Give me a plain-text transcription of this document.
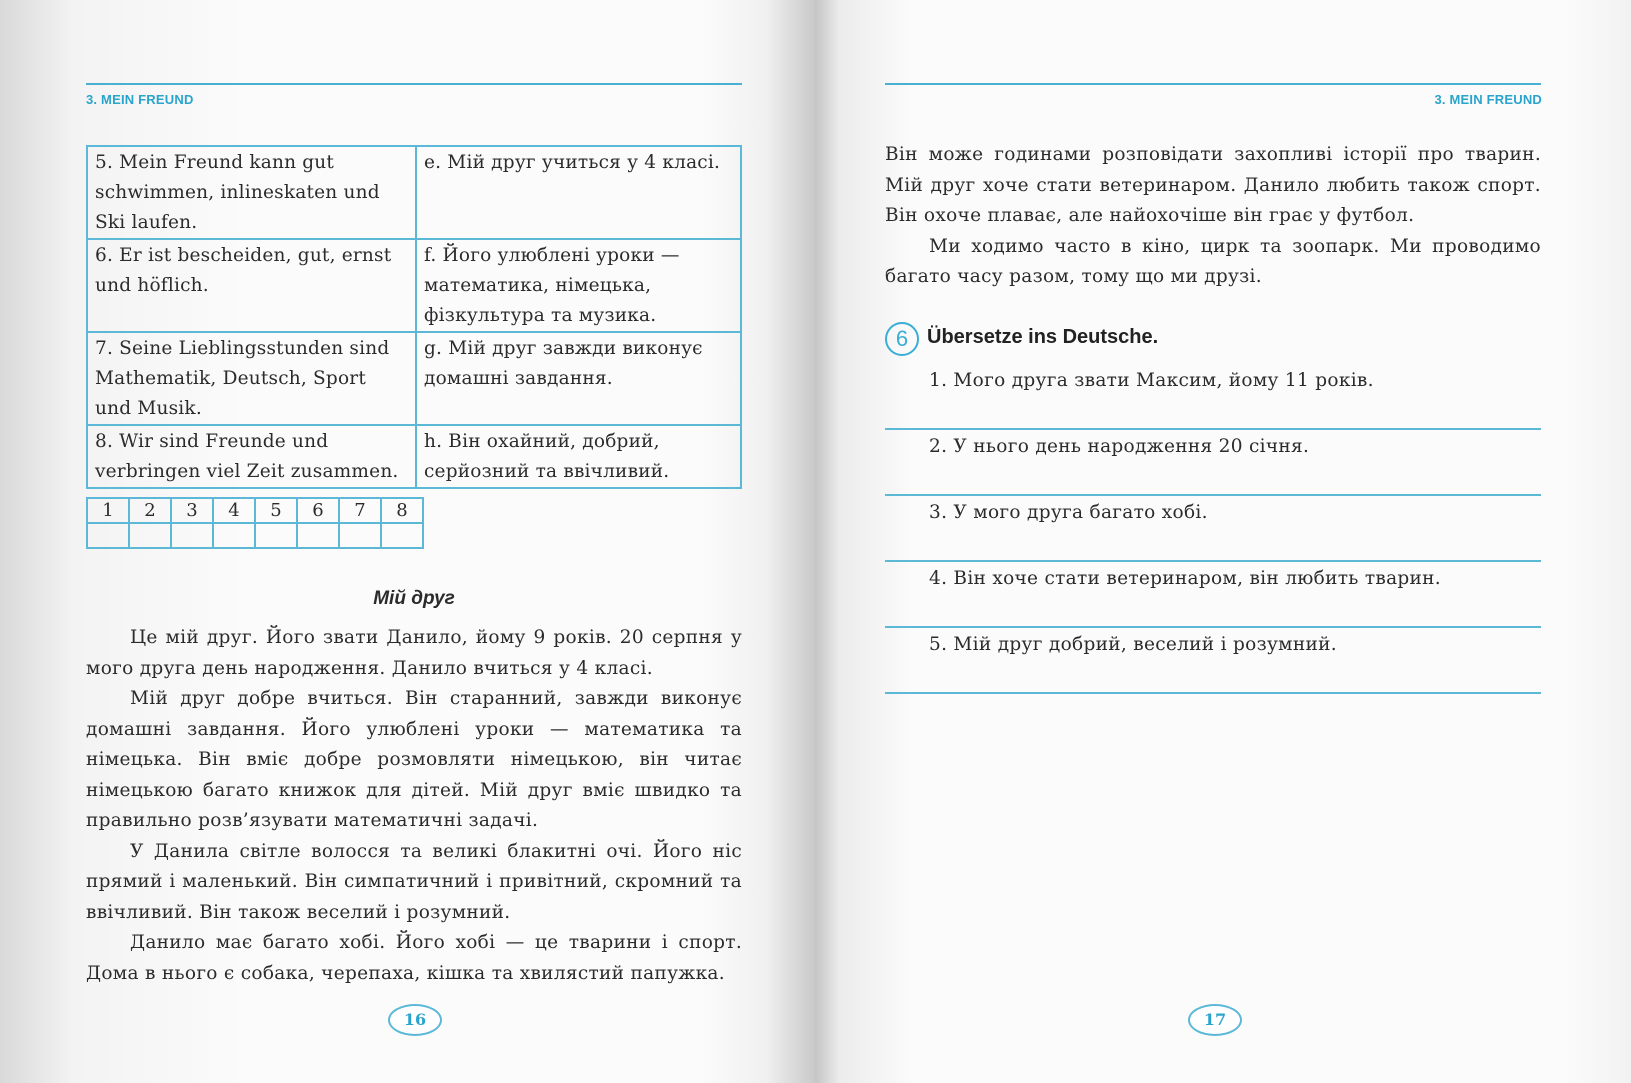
3. MEIN FREUND
5. Mein Freund kann gut schwimmen, inlineskaten und Ski laufen.	e. Мій друг учиться у 4 класі.
6. Er ist bescheiden, gut, ernst und höflich.	f. Його улюблені уроки — математика, німецька, фізкультура та музика.
7. Seine Lieblingsstunden sind Mathematik, Deutsch, Sport und Musik.	g. Мій друг завжди виконує домашні завдання.
8. Wir sind Freunde und verbringen viel Zeit zusammen.	h. Він охайний, добрий, серйозний та ввічливий.
1	2	3	4	5	6	7	8

Мій друг

Це мій друг. Його звати Данило, йому 9 років. 20 серпня у мого друга день народження. Данило вчиться у 4 класі.

Мій друг добре вчиться. Він старанний, завжди виконує домашні завдання. Його улюблені уроки — математика та німецька. Він вміє добре розмовляти німецькою, він читає німецькою багато книжок для дітей. Мій друг вміє швидко та правильно розв’язувати математичні задачі.

У Данила світле волосся та великі блакитні очі. Його ніс прямий і маленький. Він симпатичний і привітний, скромний та ввічливий. Він також веселий і розумний.

Данило має багато хобі. Його хобі — це тварини і спорт. Дома в нього є собака, черепаха, кішка та хвилястий папужка.

16
3. MEIN FREUND

Він може годинами розповідати захопливі історії про тварин. Мій друг хоче стати ветеринаром. Данило любить також спорт. Він охоче плаває, але найохочіше він грає у футбол.

Ми ходимо часто в кіно, цирк та зоопарк. Ми проводимо багато часу разом, тому що ми друзі.

6 Übersetze ins Deutsche.
1. Мого друга звати Максим, йому 11 років.
2. У нього день народження 20 січня.
3. У мого друга багато хобі.
4. Він хоче стати ветеринаром, він любить тварин.
5. Мій друг добрий, веселий і розумний.
17
